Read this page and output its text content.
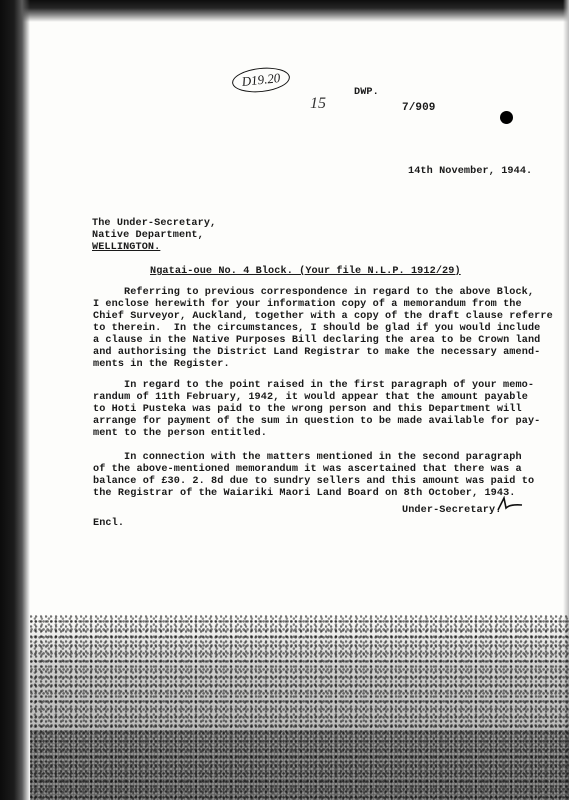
D19.20
15
DWP.
7/909
14th November, 1944.
The Under-Secretary,
Native Department,
WELLINGTON.
Ngatai-oue No. 4 Block. (Your file N.L.P. 1912/29)
Referring to previous correspondence in regard to the above Block,
I enclose herewith for your information copy of a memorandum from the
Chief Surveyor, Auckland, together with a copy of the draft clause referre
to therein.  In the circumstances, I should be glad if you would include
a clause in the Native Purposes Bill declaring the area to be Crown land
and authorising the District Land Registrar to make the necessary amend-
ments in the Register.
In regard to the point raised in the first paragraph of your memo-
randum of 11th February, 1942, it would appear that the amount payable
to Hoti Pusteka was paid to the wrong person and this Department will
arrange for payment of the sum in question to be made available for pay-
ment to the person entitled.
In connection with the matters mentioned in the second paragraph
of the above-mentioned memorandum it was ascertained that there was a
balance of £30. 2. 8d due to sundry sellers and this amount was paid to
the Registrar of the Waiariki Maori Land Board on 8th October, 1943.
Under-Secretary.
Encl.
